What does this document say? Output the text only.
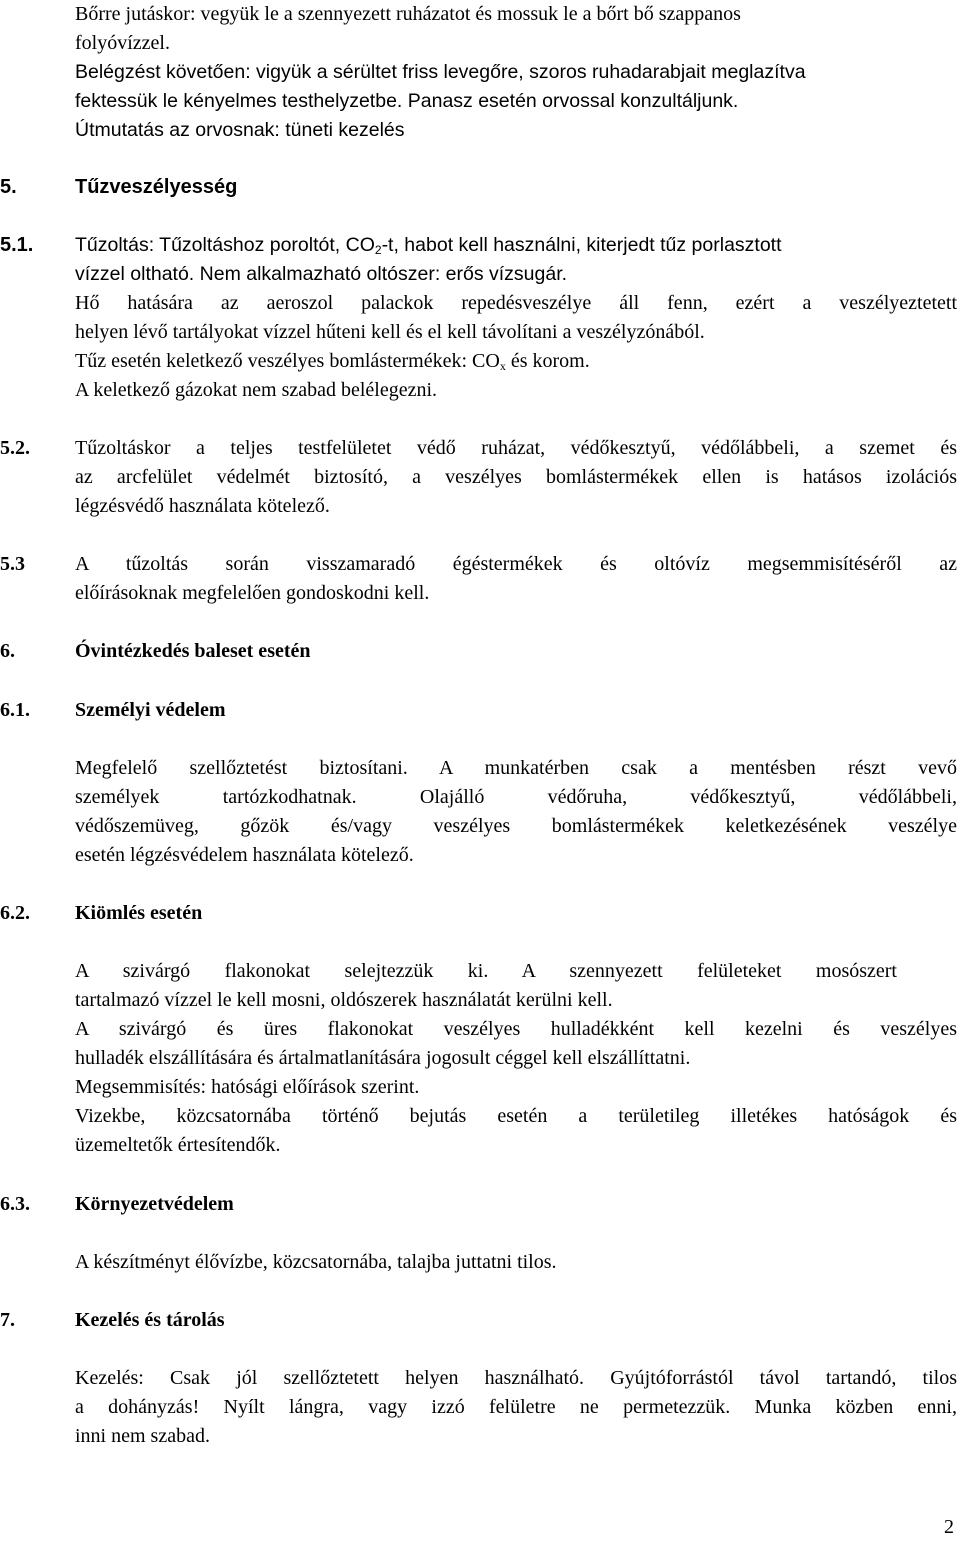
Bőrre jutáskor: vegyük le a szennyezett ruházatot és mossuk le a bőrt bő szappanos
folyóvízzel.
Belégzést követően: vigyük a sérültet friss levegőre, szoros ruhadarabjait meglazítva
fektessük le kényelmes testhelyzetbe. Panasz esetén orvossal konzultáljunk.
Útmutatás az orvosnak: tüneti kezelés
5.	Tűzveszélyesség
5.1.	Tűzoltás: Tűzoltáshoz poroltót, $CO_2-t$, habot kell használni, kiterjedt tűz porlasztott
vízzel oltható. Nem alkalmazható oltószer: erős vízsugár.
Hő hatására az aeroszol palackok repedésveszélye áll fenn, ezért a veszélyeztetett
helyen lévő tartályokat vízzel hűteni kell és el kell távolítani a veszélyzónából.
Tűz esetén keletkező veszélyes bomlástermékek: $CO_x$ és korom.
A keletkező gázokat nem szabad belélegezni.
5.2.	Tűzoltáskor a teljes testfelületet védő ruházat, védőkesztyű, védőlábbeli, a szemet és
az arcfelület védelmét biztosító, a veszélyes bomlástermékek ellen is hatásos izolációs
légzésvédő használata kötelező.
5.3	A tűzoltás során visszamaradó égéstermékek és oltóvíz megsemmisítéséről az
előírásoknak megfelelően gondoskodni kell.
6.	Óvintézkedés baleset esetén
6.1.	Személyi védelem
Megfelelő szellőztetést biztosítani. A munkatérben csak a mentésben részt vevő
személyek tartózkodhatnak. Olajálló védőruha, védőkesztyű, védőlábbeli,
védőszemüveg, gőzök és/vagy veszélyes bomlástermékek keletkezésének veszélye
esetén légzésvédelem használata kötelező.
6.2.	Kiömlés esetén
A szivárgó flakonokat selejtezzük ki. A szennyezett felületeket mosószert
tartalmazó vízzel le kell mosni, oldószerek használatát kerülni kell.
A szivárgó és üres flakonokat veszélyes hulladékként kell kezelni és veszélyes
hulladék elszállítására és ártalmatlanítására jogosult céggel kell elszállíttatni.
Megsemmisítés: hatósági előírások szerint.
Vizekbe, közcsatornába történő bejutás esetén a területileg illetékes hatóságok és
üzemeltetők értesítendők.
6.3.	Környezetvédelem
A készítményt élővízbe, közcsatornába, talajba juttatni tilos.
7.	Kezelés és tárolás
Kezelés: Csak jól szellőztetett helyen használható. Gyújtóforrástól távol tartandó, tilos
a dohányzás! Nyílt lángra, vagy izzó felületre ne permetezzük. Munka közben enni,
inni nem szabad.
2
